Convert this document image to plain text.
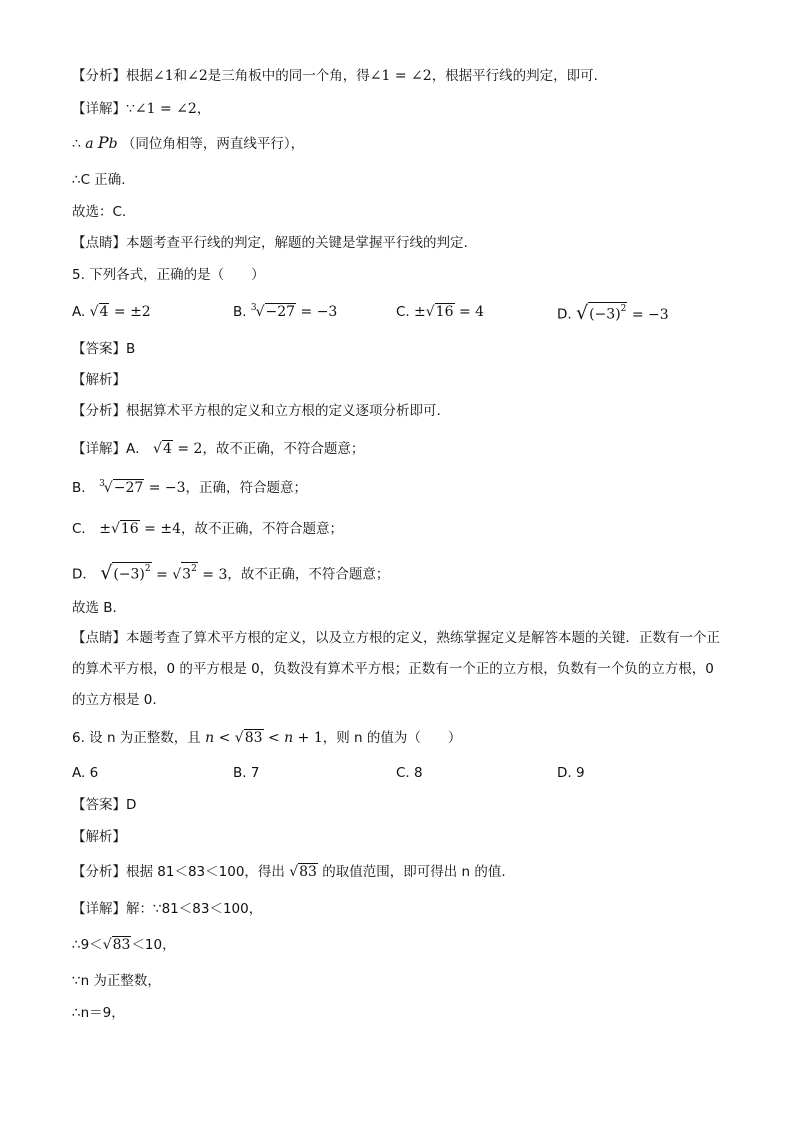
【分析】根据∠1和∠2是三角板中的同一个角，得∠1 = ∠2，根据平行线的判定，即可.
【详解】∵∠1 = ∠2，
∴ a Pb （同位角相等，两直线平行），
∴C 正确.
故选：C.
【点睛】本题考查平行线的判定，解题的关键是掌握平行线的判定.
5. 下列各式，正确的是（　　）
A. √4 = ±2	B. $^3$√−27 = −3	C. ±√16 = 4	D. $√(-3)^2 = -3$
【答案】B
【解析】
【分析】根据算术平方根的定义和立方根的定义逐项分析即可.
【详解】A． √4 = 2，故不正确，不符合题意；
B． $^3$√−27 = −3，正确，符合题意；
C． ±√16 = ±4，故不正确，不符合题意；
D． $√(-3)^2 = √3^2 = 3$，故不正确，不符合题意；
故选 B．
【点睛】本题考查了算术平方根的定义，以及立方根的定义，熟练掌握定义是解答本题的关键．正数有一个正的算术平方根，0 的平方根是 0，负数没有算术平方根；正数有一个正的立方根，负数有一个负的立方根，0 的立方根是 0.
6. 设 n 为正整数，且 n < √83 < n + 1，则 n 的值为（　　）
A. 6	B. 7	C. 8	D. 9
【答案】D
【解析】
【分析】根据 81＜83＜100，得出 √83 的取值范围，即可得出 n 的值.
【详解】解：∵81＜83＜100，
∴9＜√83＜10，
∵n 为正整数，
∴n＝9，
